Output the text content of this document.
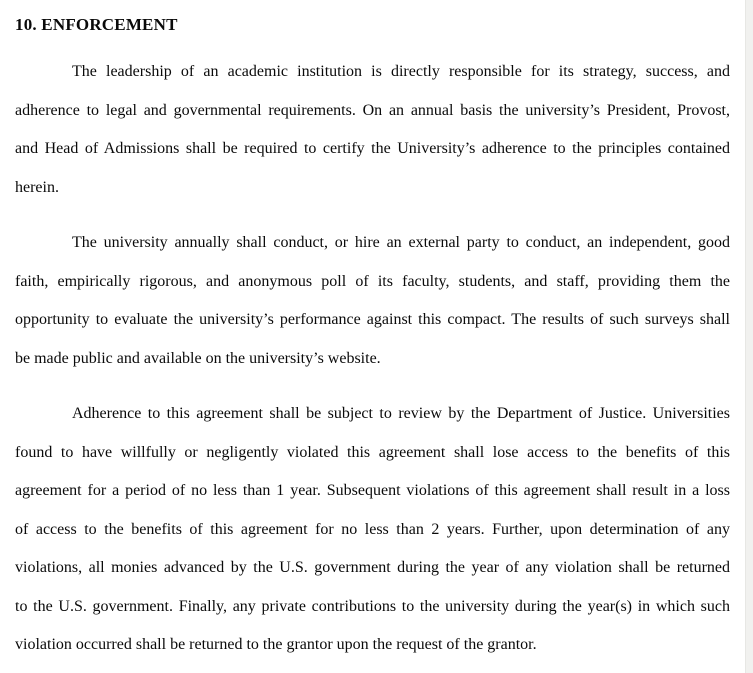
10. ENFORCEMENT
The leadership of an academic institution is directly responsible for its strategy, success, and
adherence to legal and governmental requirements. On an annual basis the university’s President, Provost,
and Head of Admissions shall be required to certify the University’s adherence to the principles contained
herein.
The university annually shall conduct, or hire an external party to conduct, an independent, good
faith, empirically rigorous, and anonymous poll of its faculty, students, and staff, providing them the
opportunity to evaluate the university’s performance against this compact. The results of such surveys shall
be made public and available on the university’s website.
Adherence to this agreement shall be subject to review by the Department of Justice. Universities
found to have willfully or negligently violated this agreement shall lose access to the benefits of this
agreement for a period of no less than 1 year. Subsequent violations of this agreement shall result in a loss
of access to the benefits of this agreement for no less than 2 years. Further, upon determination of any
violations, all monies advanced by the U.S. government during the year of any violation shall be returned
to the U.S. government. Finally, any private contributions to the university during the year(s) in which such
violation occurred shall be returned to the grantor upon the request of the grantor.
